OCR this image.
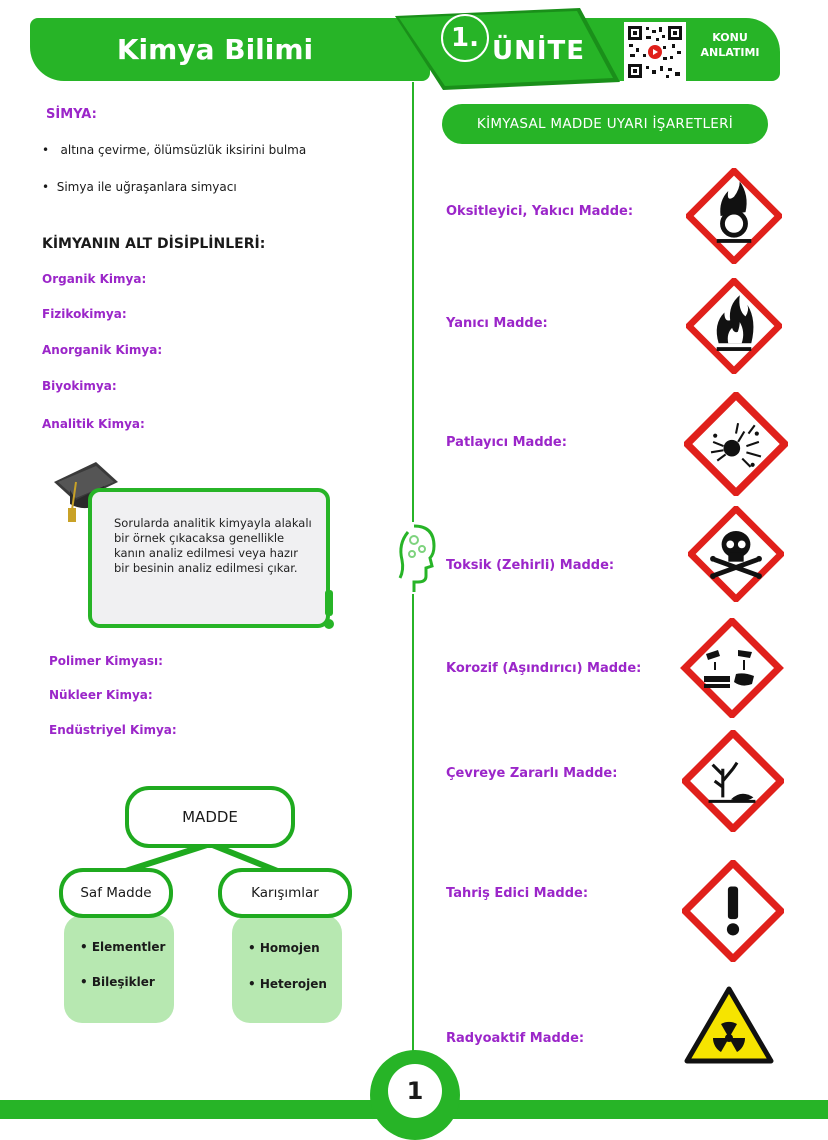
Kimya Bilimi	1. ÜNİTE	KONU
ANLATIMI
SİMYA:
•   altına çevirme, ölümsüzlük iksirini bulma
•  Simya ile uğraşanlara simyacı
KİMYANIN ALT DİSİPLİNLERİ:
Organik Kimya:
Fizikokimya:
Anorganik Kimya:
Biyokimya:
Analitik Kimya:
Sorularda analitik kimyayla alakalı bir örnek çıkacaksa genellikle kanın analiz edilmesi veya hazır bir besinin analiz edilmesi çıkar.
Polimer Kimyası:
Nükleer Kimya:
Endüstriyel Kimya:
MADDE
Saf Madde	Karışımlar
• Elementler
• Bileşikler
• Homojen
• Heterojen
KİMYASAL MADDE UYARI İŞARETLERİ
Oksitleyici, Yakıcı Madde:
Yanıcı Madde:
Patlayıcı Madde:
Toksik (Zehirli) Madde:
Korozif (Aşındırıcı) Madde:
Çevreye Zararlı Madde:
Tahriş Edici Madde:
Radyoaktif Madde:
1
